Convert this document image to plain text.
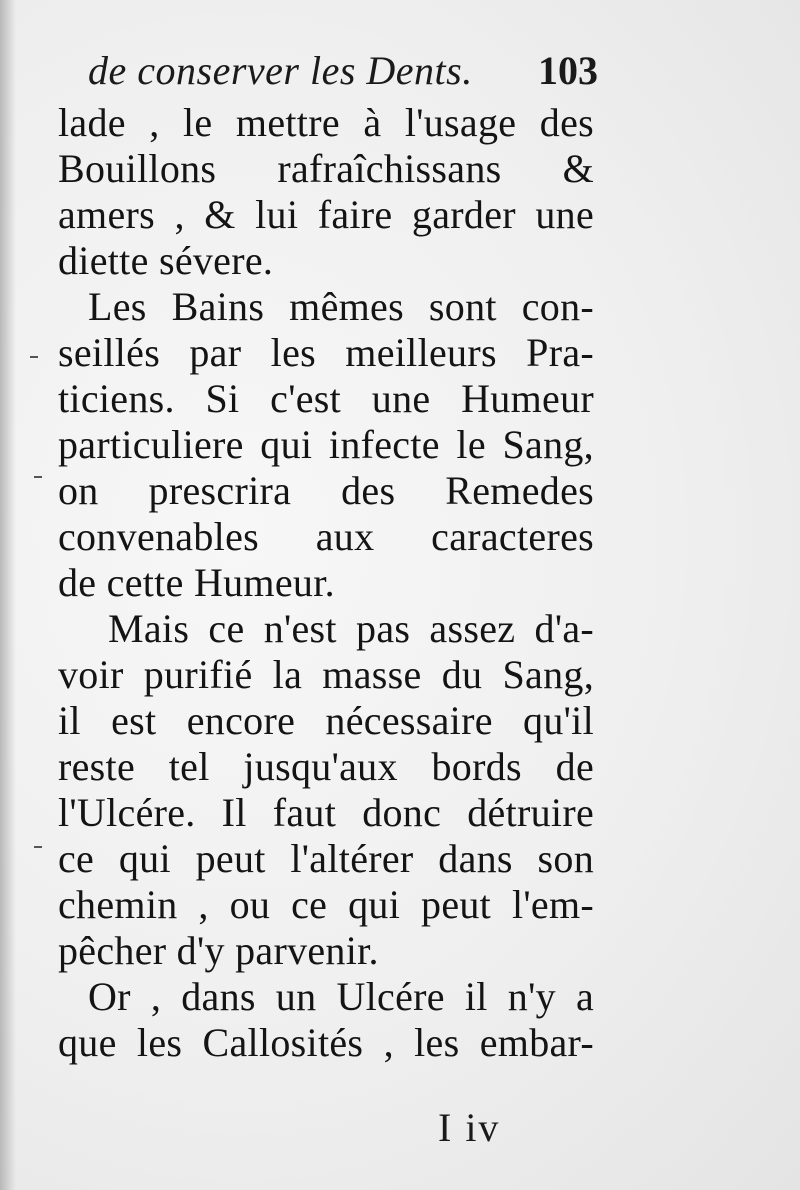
de conserver les Dents. 103
lade , le mettre à l'usage des
Bouillons rafraîchissans &
amers , & lui faire garder une
diette sévere.
Les Bains mêmes sont con-
seillés par les meilleurs Pra-
ticiens. Si c'est une Humeur
particuliere qui infecte le Sang,
on prescrira des Remedes
convenables aux caracteres
de cette Humeur.
Mais ce n'est pas assez d'a-
voir purifié la masse du Sang,
il est encore nécessaire qu'il
reste tel jusqu'aux bords de
l'Ulcére. Il faut donc détruire
ce qui peut l'altérer dans son
chemin , ou ce qui peut l'em-
pêcher d'y parvenir.
Or , dans un Ulcére il n'y a
que les Callosités , les embar-
I iv
